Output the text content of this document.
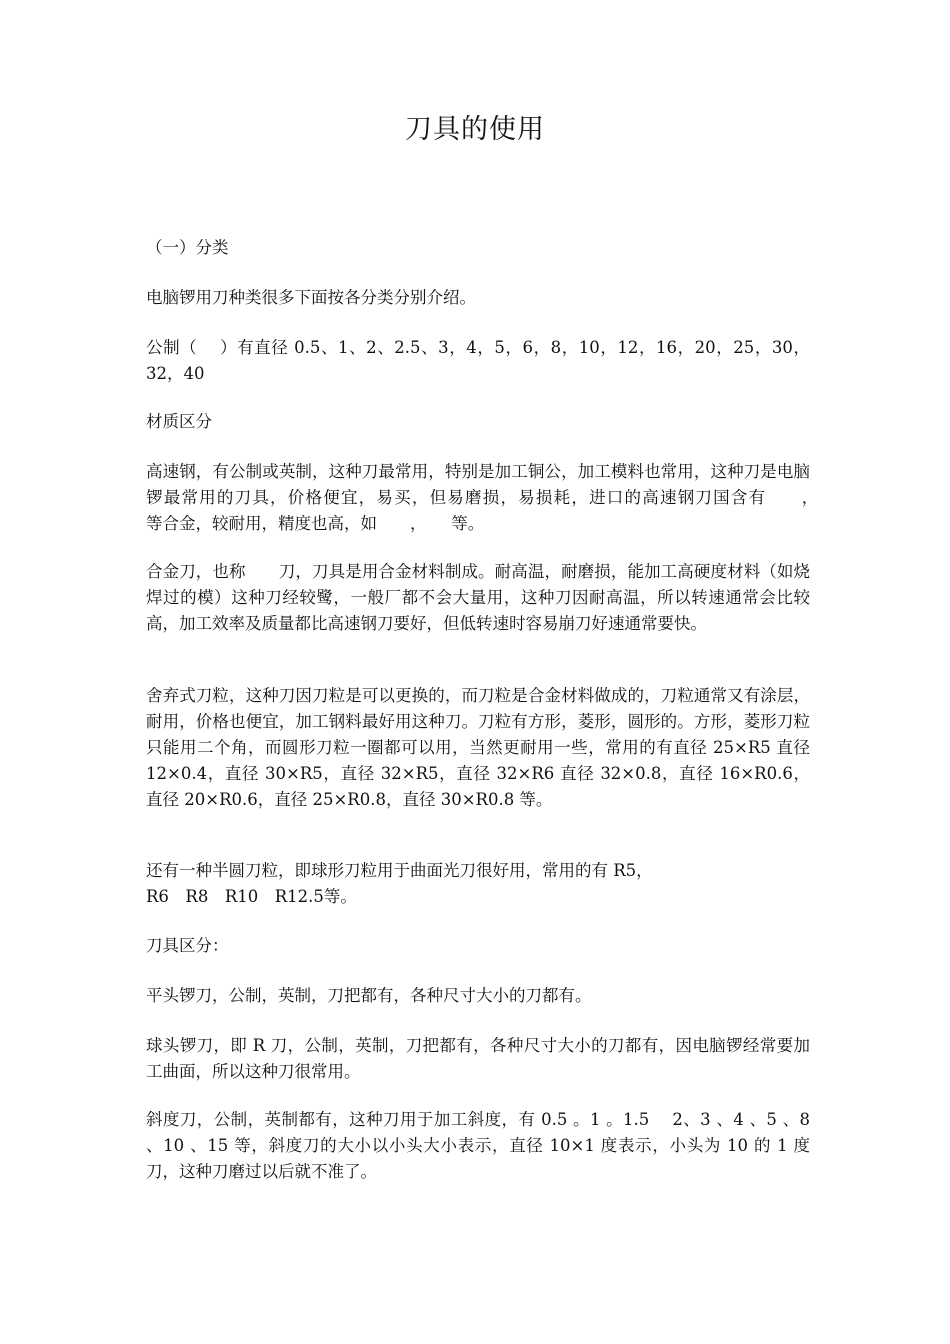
刀具的使用

（一）分类

电脑锣用刀种类很多下面按各分类分别介绍。

公制（　 ）有直径 0.5、1、2、2.5、3，4，5，6，8，10，12，16，20，25，30，32，40

材质区分

高速钢，有公制或英制，这种刀最常用，特别是加工铜公，加工模料也常用，这种刀是电脑锣最常用的刀具，价格便宜，易买，但易磨损，易损耗，进口的高速钢刀国含有　　，　　等合金，较耐用，精度也高，如　　，　　等。

合金刀，也称　　刀，刀具是用合金材料制成。耐高温，耐磨损，能加工高硬度材料（如烧焊过的模）这种刀经较鹭，一般厂都不会大量用，这种刀因耐高温，所以转速通常会比较高，加工效率及质量都比高速钢刀要好，但低转速时容易崩刀好速通常要快。

舍弃式刀粒，这种刀因刀粒是可以更换的，而刀粒是合金材料做成的，刀粒通常又有涂层，耐用，价格也便宜，加工钢料最好用这种刀。刀粒有方形，菱形，圆形的。方形，菱形刀粒只能用二个角，而圆形刀粒一圈都可以用，当然更耐用一些，常用的有直径 25×R5 直径 12×0.4，直径 30×R5，直径 32×R5，直径 32×R6 直径 32×0.8，直径 16×R0.6，直径 20×R0.6，直径 25×R0.8，直径 30×R0.8 等。

还有一种半圆刀粒，即球形刀粒用于曲面光刀很好用，常用的有 R5，
R6　R8　R10　R12.5等。

刀具区分：

平头锣刀，公制，英制，刀把都有，各种尺寸大小的刀都有。

球头锣刀，即 R 刀，公制，英制，刀把都有，各种尺寸大小的刀都有，因电脑锣经常要加工曲面，所以这种刀很常用。

斜度刀，公制，英制都有，这种刀用于加工斜度，有 0.5 。1 。1.5　 2、3 、4 、5 、8 、10 、15 等，斜度刀的大小以小头大小表示，直径 10×1 度表示，小头为 10 的 1 度刀，这种刀磨过以后就不准了。
